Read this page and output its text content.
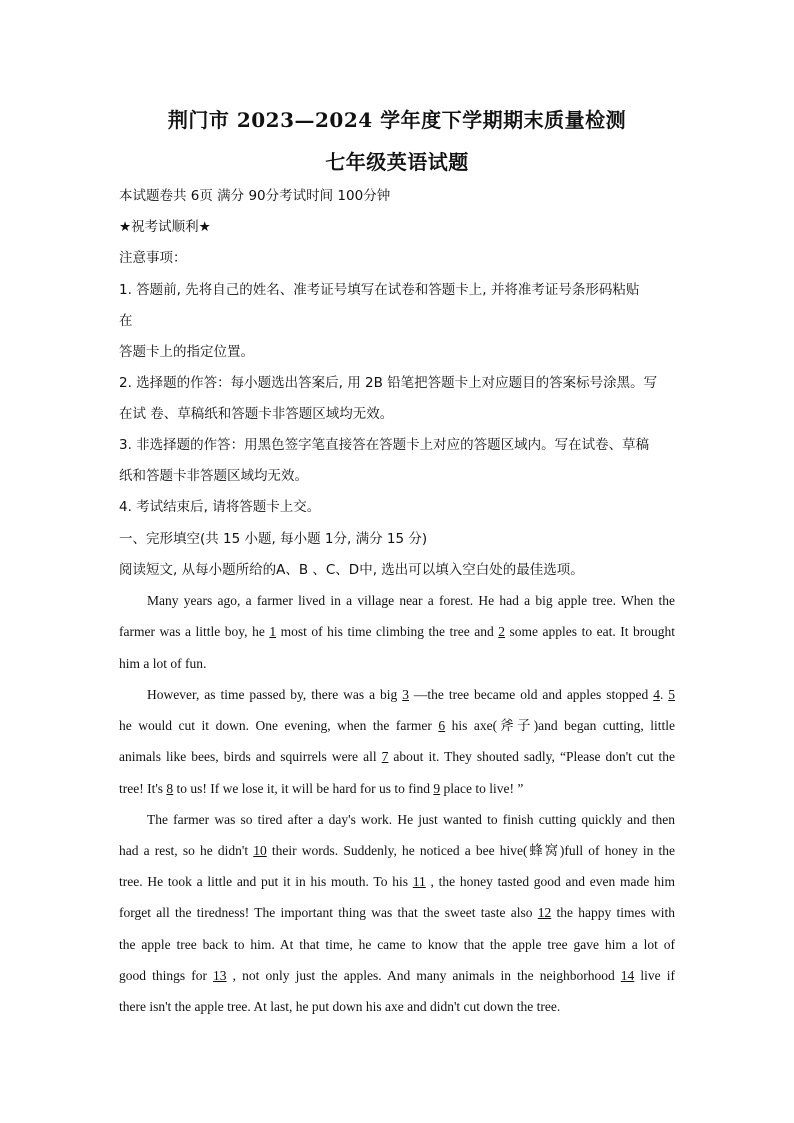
荆门市 2023—2024 学年度下学期期末质量检测
七年级英语试题
本试题卷共 6页 满分 90分考试时间 100分钟
★祝考试顺利★
注意事项：
1. 答题前, 先将自己的姓名、准考证号填写在试卷和答题卡上, 并将准考证号条形码粘贴
在
答题卡上的指定位置。
2. 选择题的作答：每小题选出答案后, 用 2B 铅笔把答题卡上对应题目的答案标号涂黑。写
在试 卷、草稿纸和答题卡非答题区域均无效。
3. 非选择题的作答：用黑色签字笔直接答在答题卡上对应的答题区域内。写在试卷、草稿
纸和答题卡非答题区域均无效。
4. 考试结束后, 请将答题卡上交。
一、完形填空(共 15 小题, 每小题 1分, 满分 15 分)
阅读短文, 从每小题所给的A、B 、C、D中, 选出可以填入空白处的最佳选项。
Many years ago, a farmer lived in a village near a forest. He had a big apple tree. When the
farmer was a little boy, he 1 most of his time climbing the tree and 2 some apples to eat. It brought
him a lot of fun.
However, as time passed by, there was a big 3 —the tree became old and apples stopped 4. 5
he would cut it down. One evening, when the farmer 6 his axe(斧子)and began cutting, little
animals like bees, birds and squirrels were all 7 about it. They shouted sadly, “Please don't cut the
tree! It's 8 to us! If we lose it, it will be hard for us to find 9 place to live! ”
The farmer was so tired after a day's work. He just wanted to finish cutting quickly and then
had a rest, so he didn't 10 their words. Suddenly, he noticed a bee hive(蜂窝)full of honey in the
tree. He took a little and put it in his mouth. To his 11 , the honey tasted good and even made him
forget all the tiredness! The important thing was that the sweet taste also 12 the happy times with
the apple tree back to him. At that time, he came to know that the apple tree gave him a lot of
good things for 13 , not only just the apples. And many animals in the neighborhood 14 live if
there isn't the apple tree. At last, he put down his axe and didn't cut down the tree.
